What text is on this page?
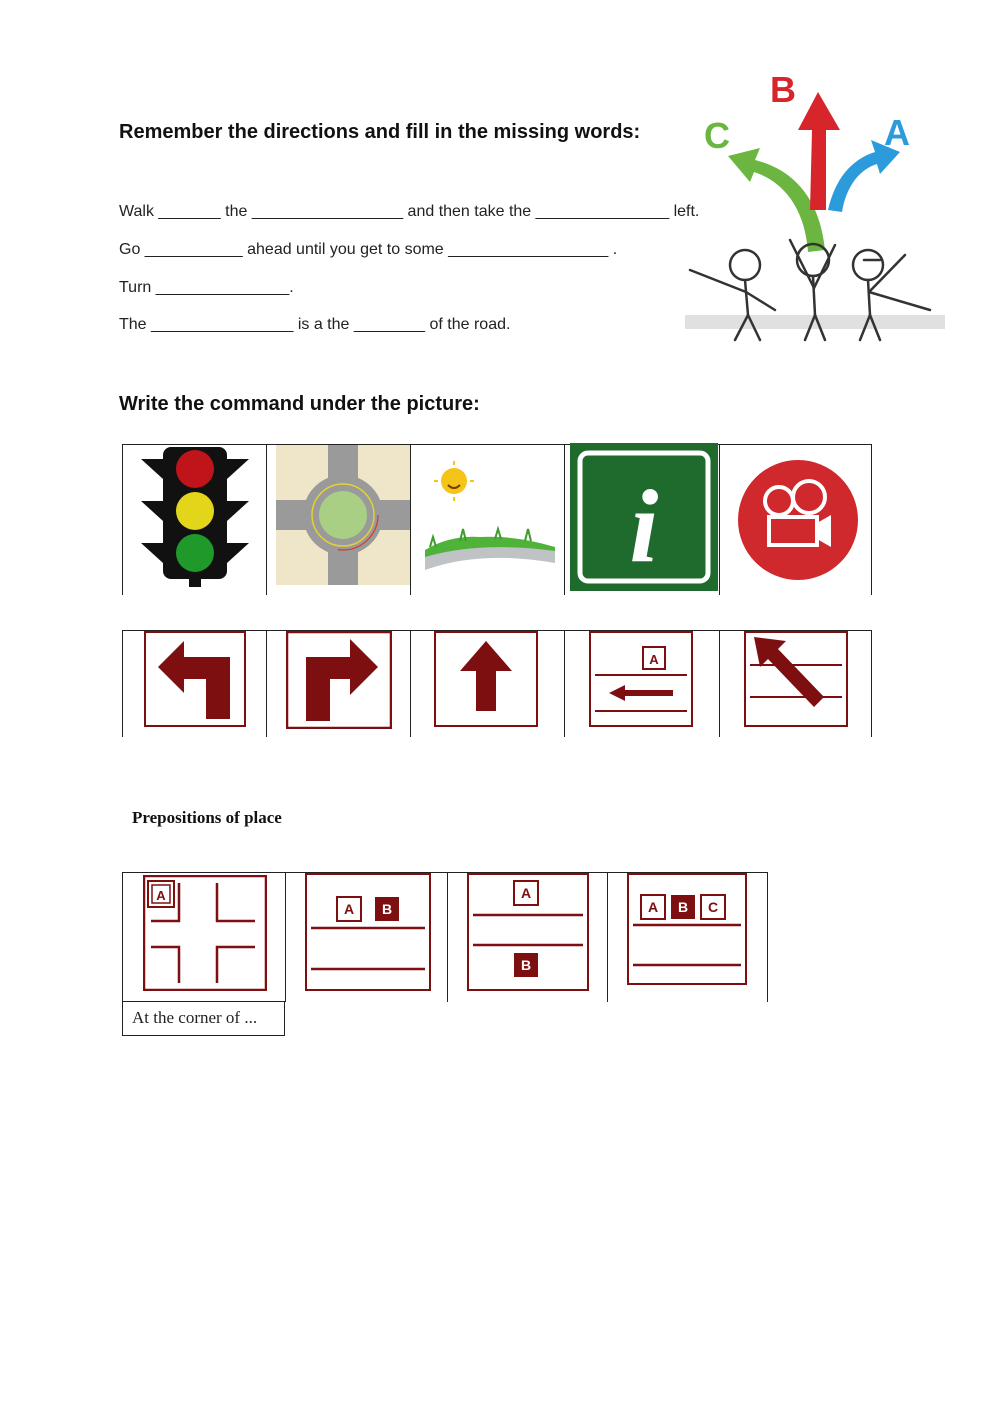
Remember the directions and fill in the missing words:
Walk _______ the _________________ and then take the _______________ left.
Go ___________ ahead until you get to some __________________ .
Turn _______________.
The ________________ is a the ________ of the road.
B
C	A
Write the command under the picture:
i
A
Prepositions of place
A
A B
A
B
A B C
At the corner of ...
